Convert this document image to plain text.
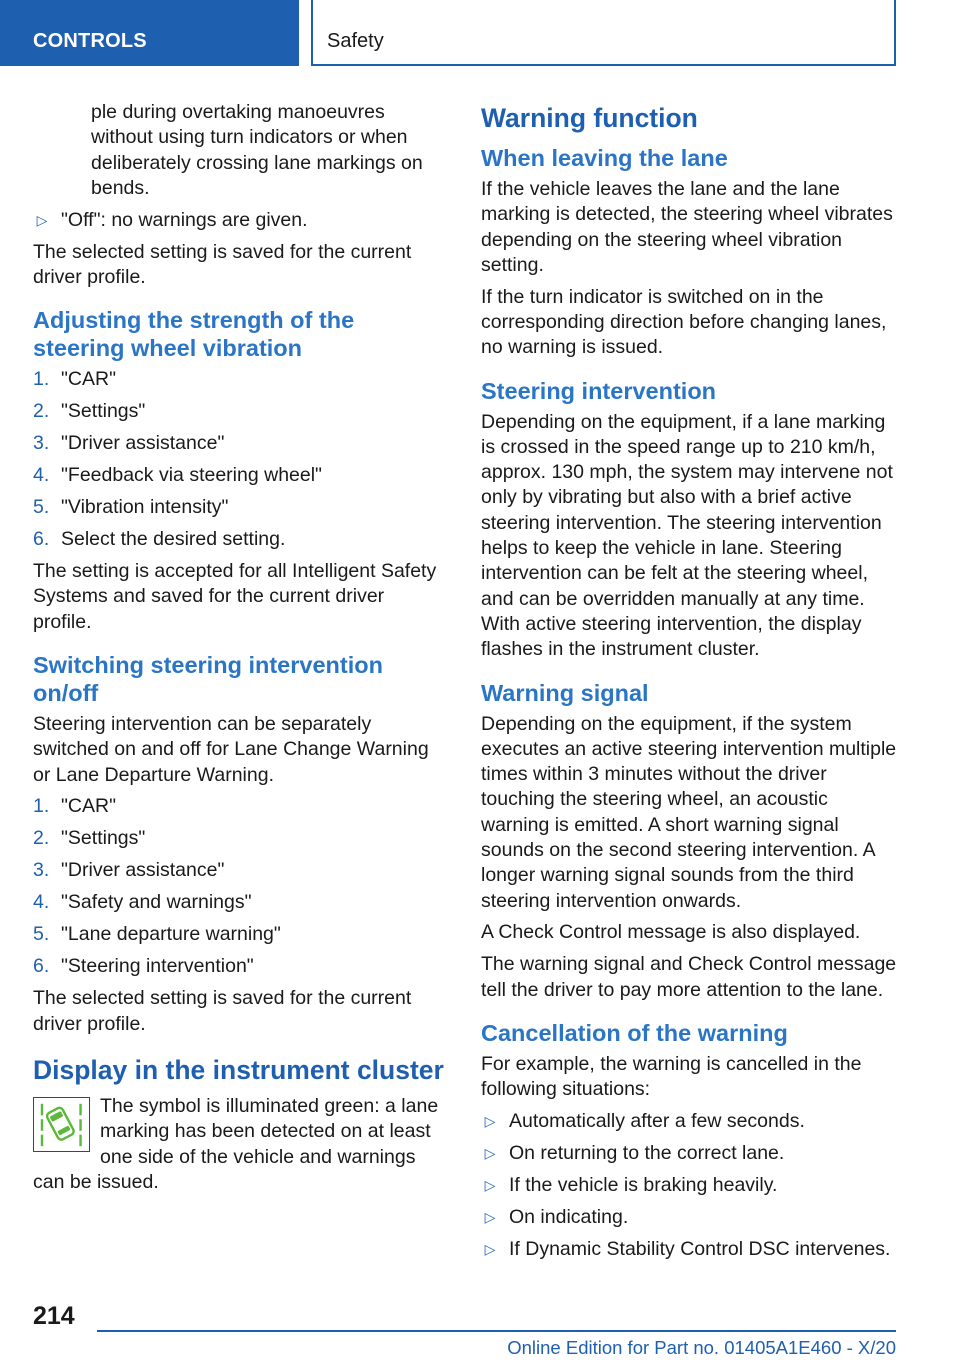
CONTROLS	Safety

ple during overtaking manoeuvres without using turn indicators or when deliberately crossing lane markings on bends.

▷ "Off": no warnings are given.

The selected setting is saved for the current driver profile.

Adjusting the strength of the steering wheel vibration
1. "CAR"
2. "Settings"
3. "Driver assistance"
4. "Feedback via steering wheel"
5. "Vibration intensity"
6. Select the desired setting.

The setting is accepted for all Intelligent Safety Systems and saved for the current driver profile.

Switching steering intervention on/off

Steering intervention can be separately switched on and off for Lane Change Warning or Lane Departure Warning.

1. "CAR"
2. "Settings"
3. "Driver assistance"
4. "Safety and warnings"
5. "Lane departure warning"
6. "Steering intervention"

The selected setting is saved for the current driver profile.

Display in the instrument cluster
The symbol is illuminated green: a lane marking has been detected on at least one side of the vehicle and warnings can be issued.
Warning function
When leaving the lane

If the vehicle leaves the lane and the lane marking is detected, the steering wheel vibrates depending on the steering wheel vibration setting.

If the turn indicator is switched on in the corresponding direction before changing lanes, no warning is issued.

Steering intervention

Depending on the equipment, if a lane marking is crossed in the speed range up to 210 km/h, approx. 130 mph, the system may intervene not only by vibrating but also with a brief active steering intervention. The steering intervention helps to keep the vehicle in lane. Steering intervention can be felt at the steering wheel, and can be overridden manually at any time. With active steering intervention, the display flashes in the instrument cluster.

Warning signal

Depending on the equipment, if the system executes an active steering intervention multiple times within 3 minutes without the driver touching the steering wheel, an acoustic warning is emitted. A short warning signal sounds on the second steering intervention. A longer warning signal sounds from the third steering intervention onwards.

A Check Control message is also displayed.

The warning signal and Check Control message tell the driver to pay more attention to the lane.

Cancellation of the warning

For example, the warning is cancelled in the following situations:

▷ Automatically after a few seconds.
▷ On returning to the correct lane.
▷ If the vehicle is braking heavily.
▷ On indicating.
▷ If Dynamic Stability Control DSC intervenes.
214
Online Edition for Part no. 01405A1E460 - X/20
